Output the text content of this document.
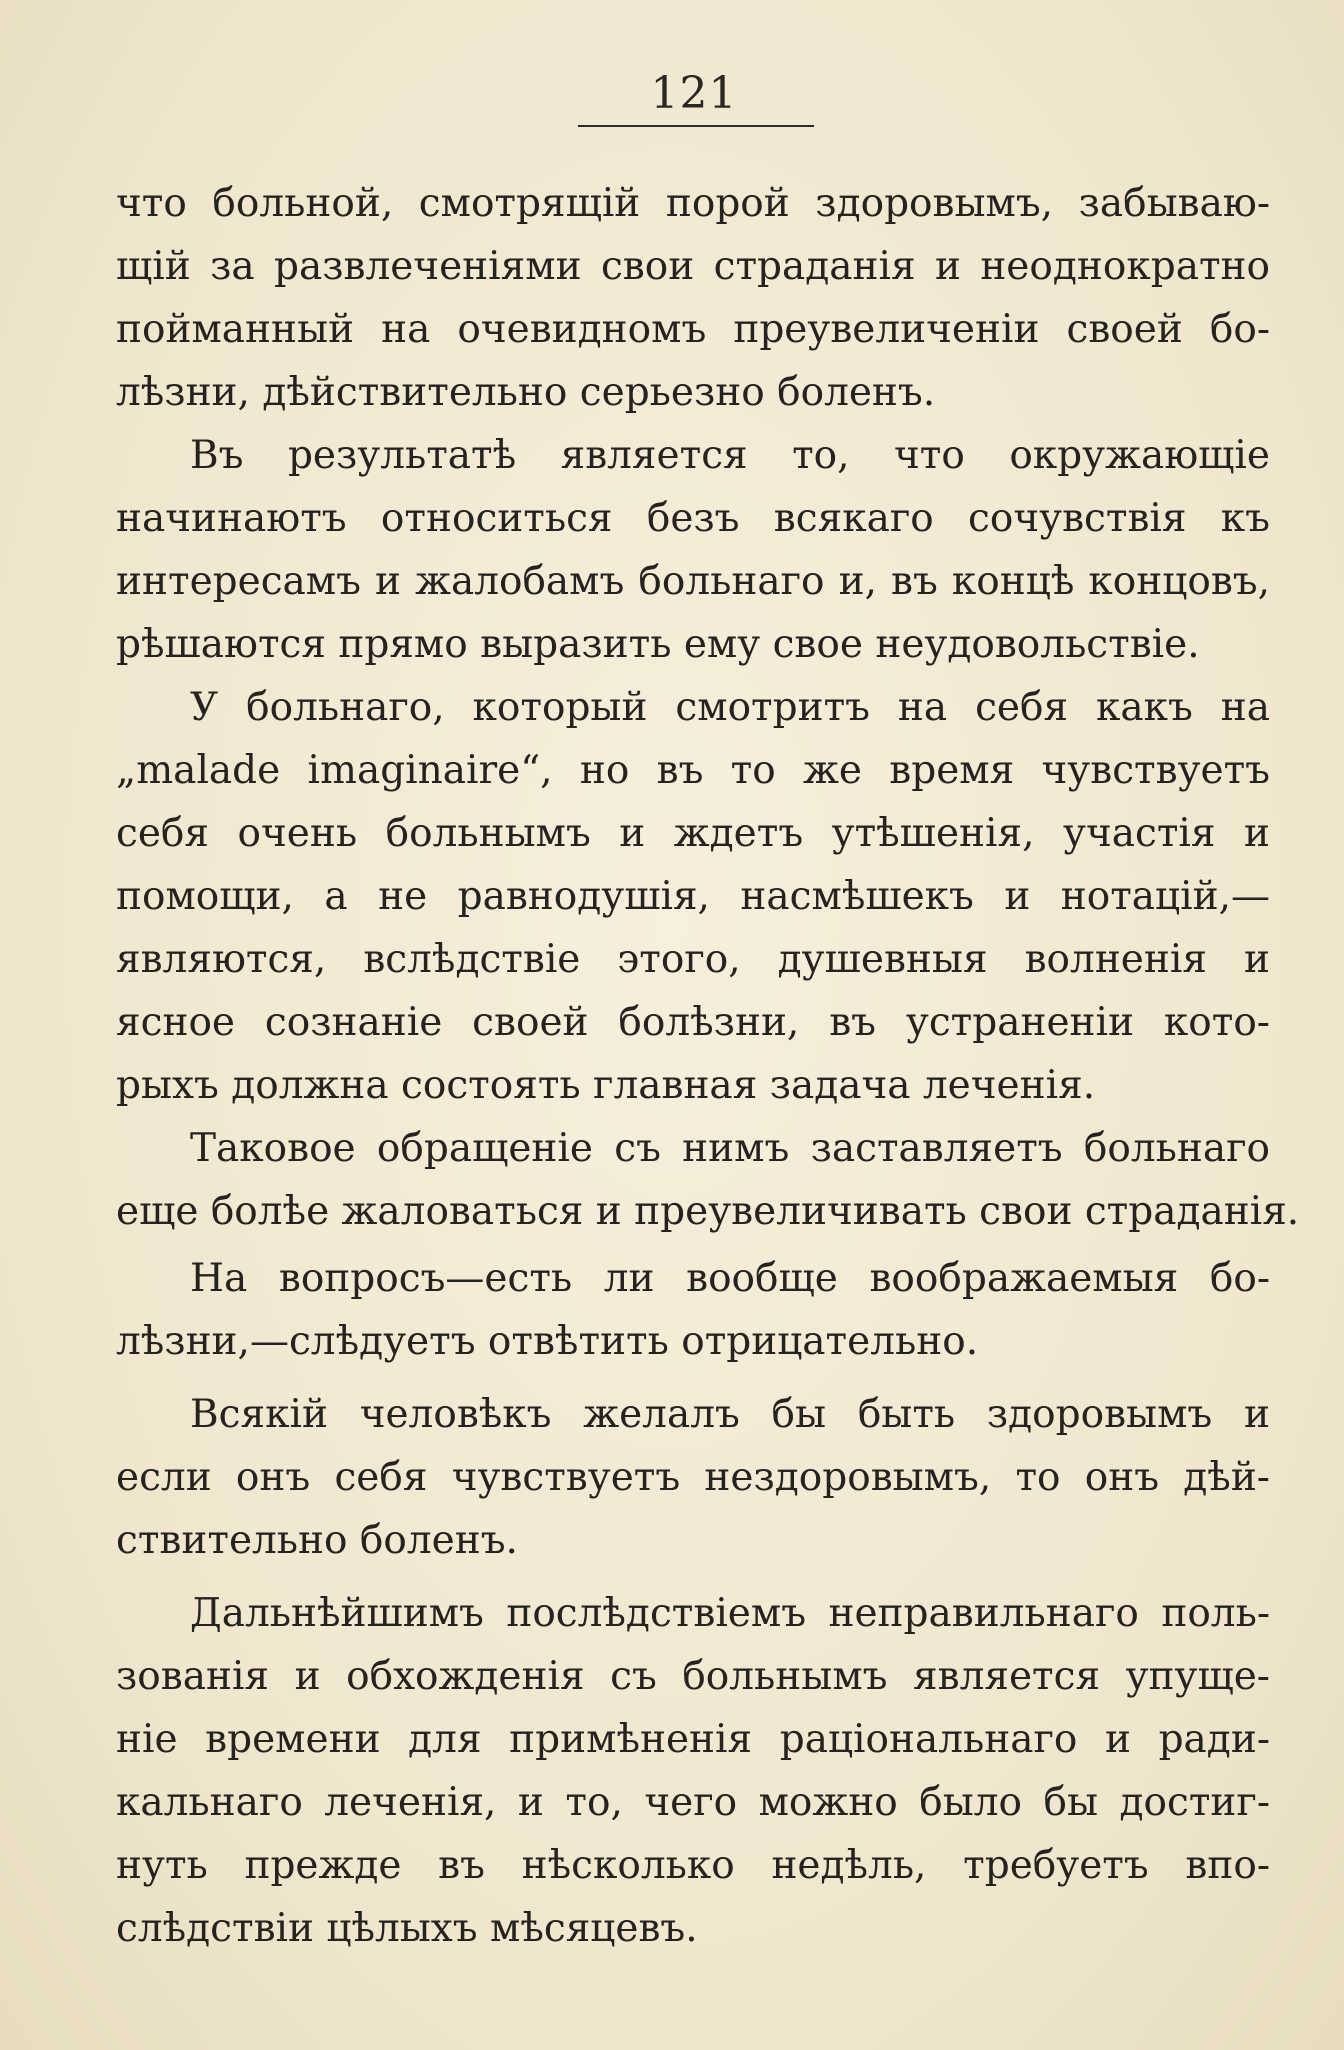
121
что больной, смотрящій порой здоровымъ, забываю-
щій за развлеченіями свои страданія и неоднократно
пойманный на очевидномъ преувеличеніи своей бо-
лѣзни, дѣйствительно серьезно боленъ.
Въ результатѣ является то, что окружающіе
начинаютъ относиться безъ всякаго сочувствія къ
интересамъ и жалобамъ больнаго и, въ концѣ концовъ,
рѣшаются прямо выразить ему свое неудовольствіе.
У больнаго, который смотритъ на себя какъ на
„malade imaginaire“, но въ то же время чувствуетъ
себя очень больнымъ и ждетъ утѣшенія, участія и
помощи, а не равнодушія, насмѣшекъ и нотацій,—
являются, вслѣдствіе этого, душевныя волненія и
ясное сознаніе своей болѣзни, въ устраненіи кото-
рыхъ должна состоять главная задача леченія.
Таковое обращеніе съ нимъ заставляетъ больнаго
еще болѣе жаловаться и преувеличивать свои страданія.
На вопросъ—есть ли вообще воображаемыя бо-
лѣзни,—слѣдуетъ отвѣтить отрицательно.
Всякій человѣкъ желалъ бы быть здоровымъ и
если онъ себя чувствуетъ нездоровымъ, то онъ дѣй-
ствительно боленъ.
Дальнѣйшимъ послѣдствіемъ неправильнаго поль-
зованія и обхожденія съ больнымъ является упуще-
ніе времени для примѣненія раціональнаго и ради-
кальнаго леченія, и то, чего можно было бы достиг-
нуть прежде въ нѣсколько недѣль, требуетъ впо-
слѣдствіи цѣлыхъ мѣсяцевъ.
